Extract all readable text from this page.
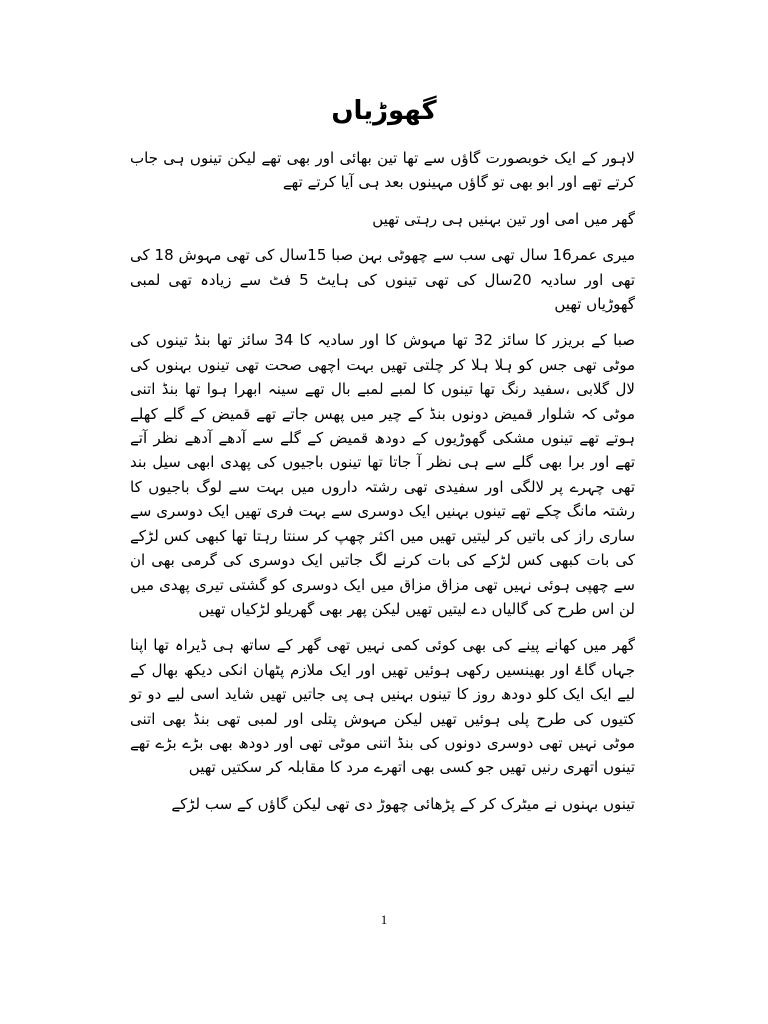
گھوڑیاں

لاہور کے ایک خوبصورت گاؤں سے تھا تین بھائی اور بھی تھے لیکن تینوں ہی جاب کرتے تھے اور ابو بھی تو گاؤں مہینوں بعد ہی آیا کرتے تھے

گھر میں امی اور تین بہنیں ہی رہتی تھیں

میری عمر16 سال تھی سب سے چھوٹی بہن صبا 15سال کی تھی مہوش 18 کی تھی اور سادیہ 20سال کی تھی تینوں کی ہایٹ 5 فٹ سے زیادہ تھی لمبی گھوڑیاں تھیں

صبا کے بریزر کا سائز 32 تھا مہوش کا اور سادیہ کا 34 سائز تھا بنڈ تینوں کی موٹی تھی جس کو ہلا ہلا کر چلتی تھیں بہت اچھی صحت تھی تینوں بہنوں کی لال گلابی ،سفید رنگ تھا تینوں کا لمبے لمبے بال تھے سینہ ابھرا ہوا تھا بنڈ اتنی موٹی کہ شلوار قمیض دونوں بنڈ کے چیر میں پھس جاتے تھے قمیض کے گلے کھلے ہوتے تھے تینوں مشکی گھوڑیوں کے دودھ قمیض کے گلے سے آدھے آدھے نظر آتے تھے اور برا بھی گلے سے ہی نظر آ جاتا تھا تینوں باجیوں کی پھدی ابھی سیل بند تھی چہرے پر لالگی اور سفیدی تھی رشتہ داروں میں بہت سے لوگ باجیوں کا رشتہ مانگ چکے تھے تینوں بہنیں ایک دوسری سے بہت فری تھیں ایک دوسری سے ساری راز کی باتیں کر لیتیں تھیں میں اکثر چھپ کر سنتا رہتا تھا کبھی کس لڑکے کی بات کبھی کس لڑکے کی بات کرنے لگ جاتیں ایک دوسری کی گرمی بھی ان سے چھپی ہوئی نہیں تھی مزاق مزاق میں ایک دوسری کو گشتی تیری پھدی میں لن اس طرح کی گالیاں دے لیتیں تھیں لیکن پھر بھی گھریلو لڑکیاں تھیں

گھر میں کھانے پینے کی بھی کوئی کمی نہیں تھی گھر کے ساتھ ہی ڈیراہ تھا اپنا جہاں گاۓ اور بھینسیں رکھی ہوئیں تھیں اور ایک ملازم پٹھان انکی دیکھ بھال کے لیے ایک ایک کلو دودھ روز کا تینوں بہنیں ہی پی جاتیں تھیں شاید اسی لیے دو تو کتیوں کی طرح پلی ہوئیں تھیں لیکن مہوش پتلی اور لمبی تھی بنڈ بھی اتنی موٹی نہیں تھی دوسری دونوں کی بنڈ اتنی موٹی تھی اور دودھ بھی بڑے بڑے تھے تینوں اتھری رنیں تھیں جو کسی بھی اتھرے مرد کا مقابلہ کر سکتیں تھیں

تینوں بہنوں نے میٹرک کر کے پڑھائی چھوڑ دی تھی لیکن گاؤں کے سب لڑکے

1
